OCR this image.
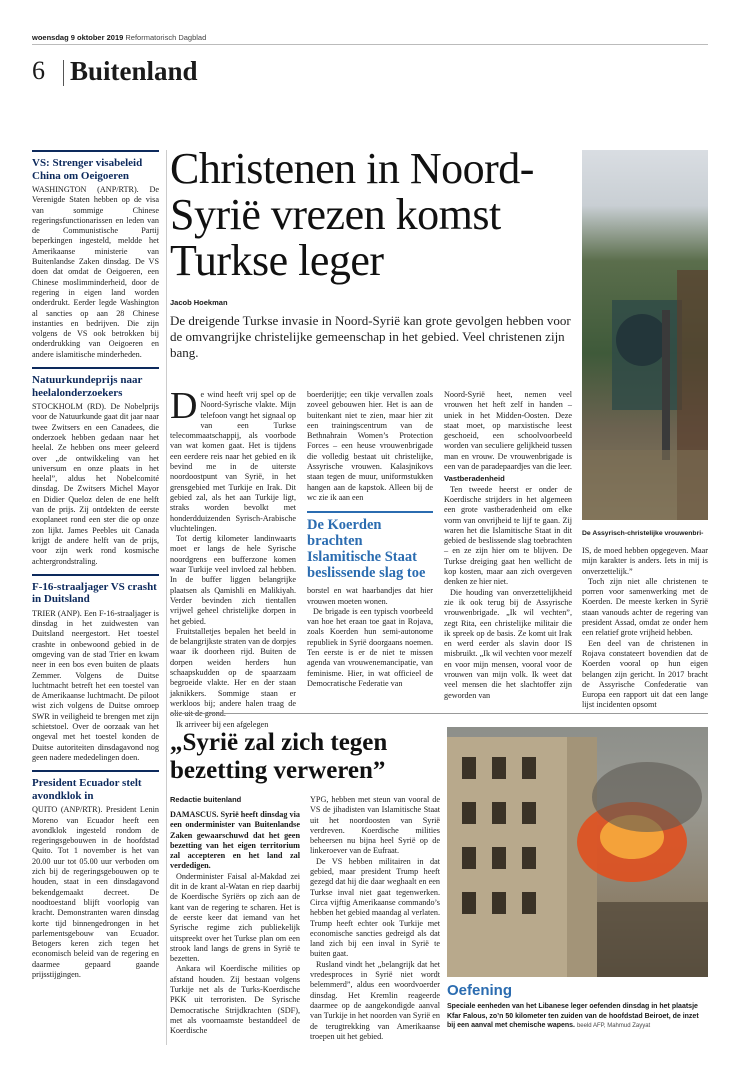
woensdag 9 oktober 2019 Reformatorisch Dagblad
6 Buitenland
VS: Strenger visabeleid China om Oeigoeren
WASHINGTON (ANP/RTR). De Verenigde Staten hebben op de visa van sommige Chinese regeringsfunctionarissen en leden van de Communistische Partij beperkingen ingesteld, meldde het Amerikaanse ministerie van Buitenlandse Zaken dinsdag. De VS doen dat omdat de Oeigoeren, een Chinese moslimminderheid, door de regering in eigen land worden onderdrukt. Eerder legde Washington al sancties op aan 28 Chinese instanties en bedrijven. Die zijn volgens de VS ook betrokken bij onderdrukking van Oeigoeren en andere islamitische minderheden.
Natuurkundeprijs naar heelalonderzoekers
STOCKHOLM (RD). De Nobelprijs voor de Natuurkunde gaat dit jaar naar twee Zwitsers en een Canadees, die onderzoek hebben gedaan naar het heelal. Ze hebben ons meer geleerd over „de ontwikkeling van het universum en onze plaats in het heelal”, aldus het Nobelcomité dinsdag. De Zwitsers Michel Mayor en Didier Queloz delen de ene helft van de prijs. Zij ontdekten de eerste exoplaneet rond een ster die op onze zon lijkt. James Peebles uit Canada krijgt de andere helft van de prijs, voor zijn werk rond kosmische achtergrondstraling.
F-16-straaljager VS crasht in Duitsland
TRIER (ANP). Een F-16-straaljager is dinsdag in het zuidwesten van Duitsland neergestort. Het toestel crashte in onbewoond gebied in de omgeving van de stad Trier en kwam neer in een bos even buiten de plaats Zemmer. Volgens de Duitse luchtmacht betreft het een toestel van de Amerikaanse luchtmacht. De piloot wist zich volgens de Duitse omroep SWR in veiligheid te brengen met zijn schietstoel. Over de oorzaak van het ongeval met het toestel konden de Duitse autoriteiten dinsdagavond nog geen nadere mededelingen doen.
President Ecuador stelt avondklok in
QUITO (ANP/RTR). President Lenin Moreno van Ecuador heeft een avondklok ingesteld rondom de regeringsgebouwen in de hoofdstad Quito. Tot 1 november is het van 20.00 uur tot 05.00 uur verboden om zich bij de regeringsgebouwen op te houden, staat in een dinsdagavond bekendgemaakt decreet. De noodtoestand blijft voorlopig van kracht. Demonstranten waren dinsdag korte tijd binnengedrongen in het parlementsgebouw van Ecuador. Betogers keren zich tegen het economisch beleid van de regering en daarmee gepaard gaande prijsstijgingen.
Christenen in Noord-Syrië vrezen komst Turkse leger
Jacob Hoekman
De dreigende Turkse invasie in Noord-Syrië kan grote gevolgen hebben voor de omvangrijke christelijke gemeenschap in het gebied. Veel christenen zijn bang.
De Assyrisch-christelijke vrouwenbri-

De wind heeft vrij spel op de Noord-Syrische vlakte. Mijn telefoon vangt het signaal op van een Turkse telecommaatschappij, als voorbode van wat komen gaat. Het is tijdens een eerdere reis naar het gebied en ik bevind me in de uiterste noordoostpunt van Syrië, in het grensgebied met Turkije en Irak. Dit gebied zal, als het aan Turkije ligt, straks worden bevolkt met honderdduizenden Syrisch-Arabische vluchtelingen.

Tot dertig kilometer landinwaarts moet er langs de hele Syrische noordgrens een bufferzone komen waar Turkije veel invloed zal hebben. In de buffer liggen belangrijke plaatsen als Qamishli en Malikiyah. Verder bevinden zich tientallen vrijwel geheel christelijke dorpen in het gebied.

Fruitstalletjes bepalen het beeld in de belangrijkste straten van de dorpjes waar ik doorheen rijd. Buiten de dorpen weiden herders hun schaapskudden op de spaarzaam begroeide vlakte. Her en der staan jaknikkers. Sommige staan er werkloos bij; andere halen traag de olie uit de grond.

Ik arriveer bij een afgelegen

boerderijtje; een tikje vervallen zoals zoveel gebouwen hier. Het is aan de buitenkant niet te zien, maar hier zit een trainingscentrum van de Bethnahrain Women’s Protection Forces – een heuse vrouwenbrigade die volledig bestaat uit christelijke, Assyrische vrouwen. Kalasjnikovs staan tegen de muur, uniformstukken hangen aan de kapstok. Alleen bij de wc zie ik aan een

De Koerden brachten Islamitische Staat beslissende slag toe

borstel en wat haarbandjes dat hier vrouwen moeten wonen.

De brigade is een typisch voorbeeld van hoe het eraan toe gaat in Rojava, zoals Koerden hun semi-autonome republiek in Syrië doorgaans noemen. Ten eerste is er de niet te missen agenda van vrouwenemancipatie, van feminisme. Hier, in wat officieel de Democratische Federatie van

Noord-Syrië heet, nemen veel vrouwen het heft zelf in handen – uniek in het Midden-Oosten. Deze staat moet, op marxistische leest geschoeid, een schoolvoorbeeld worden van seculiere gelijkheid tussen man en vrouw. De vrouwenbrigade is een van de paradepaardjes van die leer.

Vastberadenheid

Ten tweede heerst er onder de Koerdische strijders in het algemeen een grote vastberadenheid om elke vorm van onvrijheid te lijf te gaan. Zij waren het die Islamitische Staat in dit gebied de beslissende slag toebrachten – en ze zijn hier om te blijven. De Turkse dreiging gaat hen wellicht de kop kosten, maar aan zich overgeven denken ze hier niet.

Die houding van onverzettelijkheid zie ik ook terug bij de Assyrische vrouwenbrigade. „Ik wil vechten”, zegt Rita, een christelijke militair die ik spreek op de basis. Ze komt uit Irak en werd eerder als slavin door IS misbruikt. „Ik wil vechten voor mezelf en voor mijn mensen, vooral voor de vrouwen van mijn volk. Ik weet dat veel mensen die het slachtoffer zijn geworden van

IS, de moed hebben opgegeven. Maar mijn karakter is anders. Iets in mij is onverzettelijk.”

Toch zijn niet alle christenen te porren voor samenwerking met de Koerden. De meeste kerken in Syrië staan vanouds achter de regering van president Assad, omdat ze onder hem een relatief grote vrijheid hebben.

Een deel van de christenen in Rojava constateert bovendien dat de Koerden vooral op hun eigen belangen zijn gericht. In 2017 bracht de Assyrische Confederatie van Europa een rapport uit dat een lange lijst incidenten opsomt

„Syrië zal zich tegen bezetting verweren”
Redactie buitenland

DAMASCUS. Syrië heeft dinsdag via een onderminister van Buitenlandse Zaken gewaarschuwd dat het geen bezetting van het eigen territorium zal accepteren en het land zal verdedigen.

Onderminister Faisal al-Makdad zei dit in de krant al-Watan en riep daarbij de Koerdische Syriërs op zich aan de kant van de regering te scharen. Het is de eerste keer dat iemand van het Syrische regime zich publiekelijk uitspreekt over het Turkse plan om een strook land langs de grens in Syrië te bezetten.

Ankara wil Koerdische milities op afstand houden. Zij bestaan volgens Turkije net als de Turks-Koerdische PKK uit terroristen. De Syrische Democratische Strijdkrachten (SDF), met als voornaamste bestanddeel de Koerdische

YPG, hebben met steun van vooral de VS de jihadisten van Islamitische Staat uit het noordoosten van Syrië verdreven. Koerdische milities beheersen nu bijna heel Syrië op de linkeroever van de Eufraat.

De VS hebben militairen in dat gebied, maar president Trump heeft gezegd dat hij die daar weghaalt en een Turkse inval niet gaat tegenwerken. Circa vijftig Amerikaanse commando’s hebben het gebied maandag al verlaten. Trump heeft echter ook Turkije met economische sancties gedreigd als dat land zich bij een inval in Syrië te buiten gaat.

Rusland vindt het „belangrijk dat het vredesproces in Syrië niet wordt belemmerd”, aldus een woordvoerder dinsdag. Het Kremlin reageerde daarmee op de aangekondigde aanval van Turkije in het noorden van Syrië en de terugtrekking van Amerikaanse troepen uit het gebied.

Oefening
Speciale eenheden van het Libanese leger oefenden dinsdag in het plaatsje Kfar Falous, zo’n 50 kilometer ten zuiden van de hoofdstad Beiroet, de inzet bij een aanval met chemische wapens. beeld AFP, Mahmud Zayyat
